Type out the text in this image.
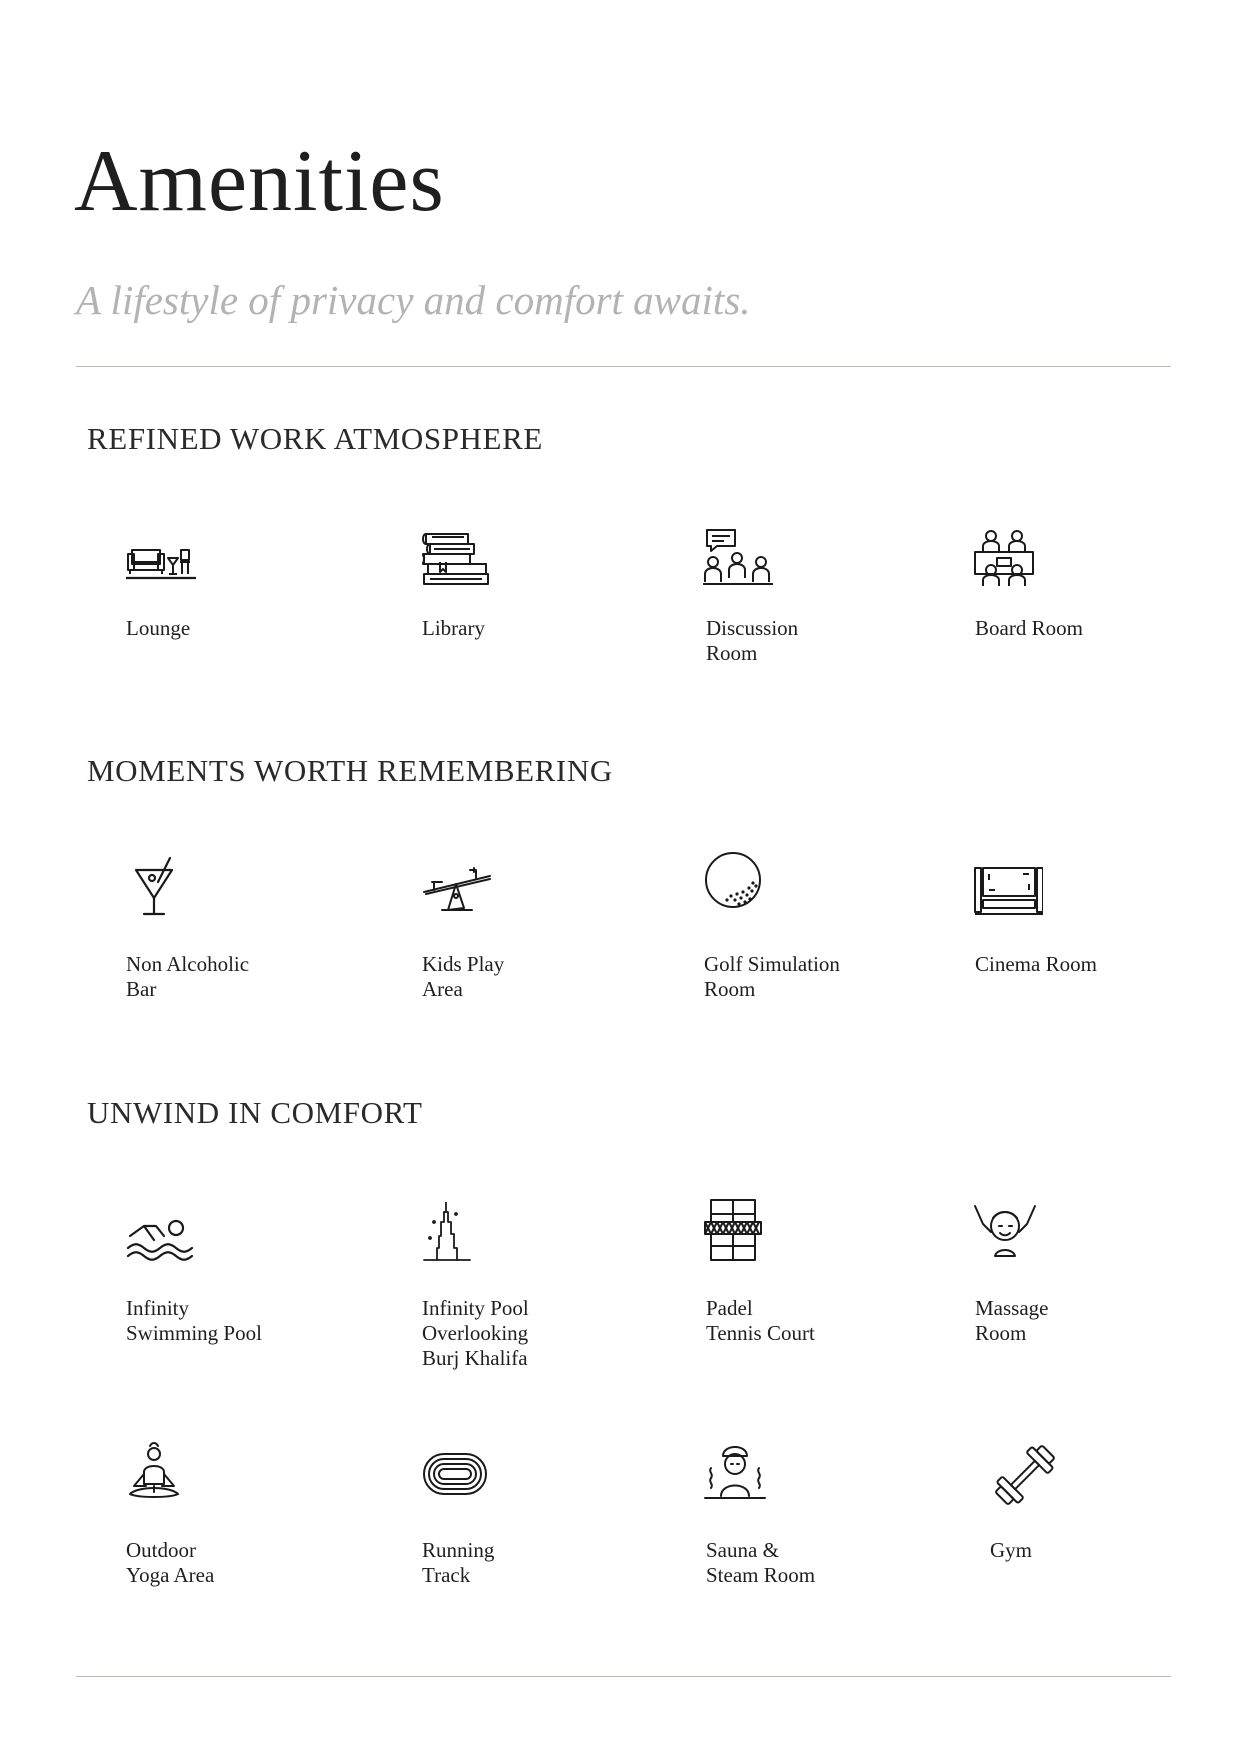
Amenities

A lifestyle of privacy and comfort awaits.

REFINED WORK ATMOSPHERE
Lounge	Library	Discussion
Room
Board Room
MOMENTS WORTH REMEMBERING
Non Alcoholic
Bar
Kids Play
Area
Golf Simulation
Room
Cinema Room
UNWIND IN COMFORT
Infinity
Swimming Pool
Infinity Pool
Overlooking
Burj Khalifa
Padel
Tennis Court
Massage
Room
Outdoor
Yoga Area
Running
Track
Sauna &
Steam Room
Gym
